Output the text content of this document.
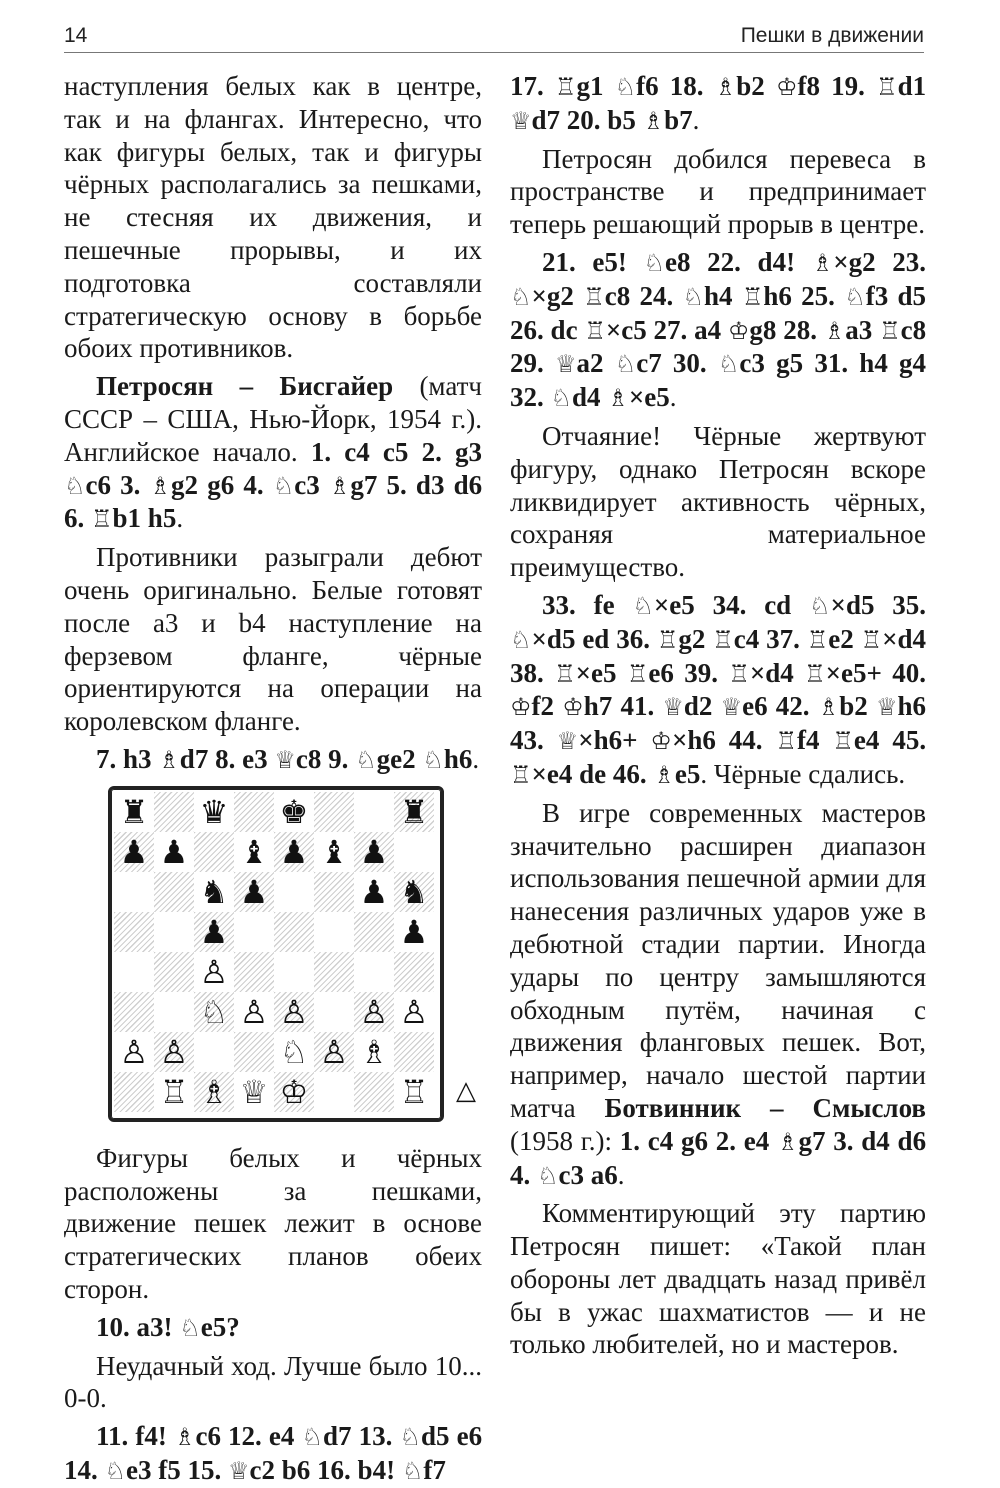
14	Пешки в движении

наступления белых как в центре, так и на флангах. Интересно, что как фигуры белых, так и фигуры чёрных располагались за пешками, не стесняя их движения, и пешечные прорывы, и их подготовка составляли стратегическую основу в борьбе обоих противников.

Петросян – Бисгайер (матч СССР – США, Нью-Йорк, 1954 г.). Английское начало. 1. c4 c5 2. g3 ♘c6 3. ♗g2 g6 4. ♘c3 ♗g7 5. d3 d6 6. ♖b1 h5.

Противники разыграли дебют очень оригинально. Белые готовят после a3 и b4 наступление на ферзевом фланге, чёрные ориентируются на операции на королевском фланге.

7. h3 ♗d7 8. e3 ♕c8 9. ♘ge2 ♘h6.

♜ ♛ ♚	♜
♟ ♟ ♝ ♟ ♝ ♟
♞ ♟	♟ ♞
♟	♟
♙
♘ ♙ ♙ ♙ ♙
♙ ♙	♘ ♙ ♗
♖ ♗ ♕ ♔	♖ △

Фигуры белых и чёрных расположены за пешками, движение пешек лежит в основе стратегических планов обеих сторон.

10. a3! ♘e5?

Неудачный ход. Лучше было 10... 0-0.

11. f4! ♗c6 12. e4 ♘d7 13. ♘d5 e6 14. ♘e3 f5 15. ♕c2 b6 16. b4! ♘f7

17. ♖g1 ♘f6 18. ♗b2 ♔f8 19. ♖d1 ♕d7 20. b5 ♗b7.

Петросян добился перевеса в пространстве и предпринимает теперь решающий прорыв в центре.

21. e5! ♘e8 22. d4! ♗×g2 23. ♘×g2 ♖c8 24. ♘h4 ♖h6 25. ♘f3 d5 26. dc ♖×c5 27. a4 ♔g8 28. ♗a3 ♖c8 29. ♕a2 ♘c7 30. ♘c3 g5 31. h4 g4 32. ♘d4 ♗×e5.

Отчаяние! Чёрные жертвуют фигуру, однако Петросян вскоре ликвидирует активность чёрных, сохраняя материальное преимущество.

33. fe ♘×e5 34. cd ♘×d5 35. ♘×d5 ed 36. ♖g2 ♖c4 37. ♖e2 ♖×d4 38. ♖×e5 ♖e6 39. ♖×d4 ♖×e5+ 40. ♔f2 ♔h7 41. ♕d2 ♕e6 42. ♗b2 ♕h6 43. ♕×h6+ ♔×h6 44. ♖f4 ♖e4 45. ♖×e4 de 46. ♗e5. Чёрные сдались.

В игре современных мастеров значительно расширен диапазон использования пешечной армии для нанесения различных ударов уже в дебютной стадии партии. Иногда удары по центру замышляются обходным путём, начиная с движения фланговых пешек. Вот, например, начало шестой партии матча Ботвинник – Смыслов (1958 г.): 1. c4 g6 2. e4 ♗g7 3. d4 d6 4. ♘c3 a6.

Комментирующий эту партию Петросян пишет: «Такой план обороны лет двадцать назад привёл бы в ужас шахматистов — и не только любителей, но и мастеров.
